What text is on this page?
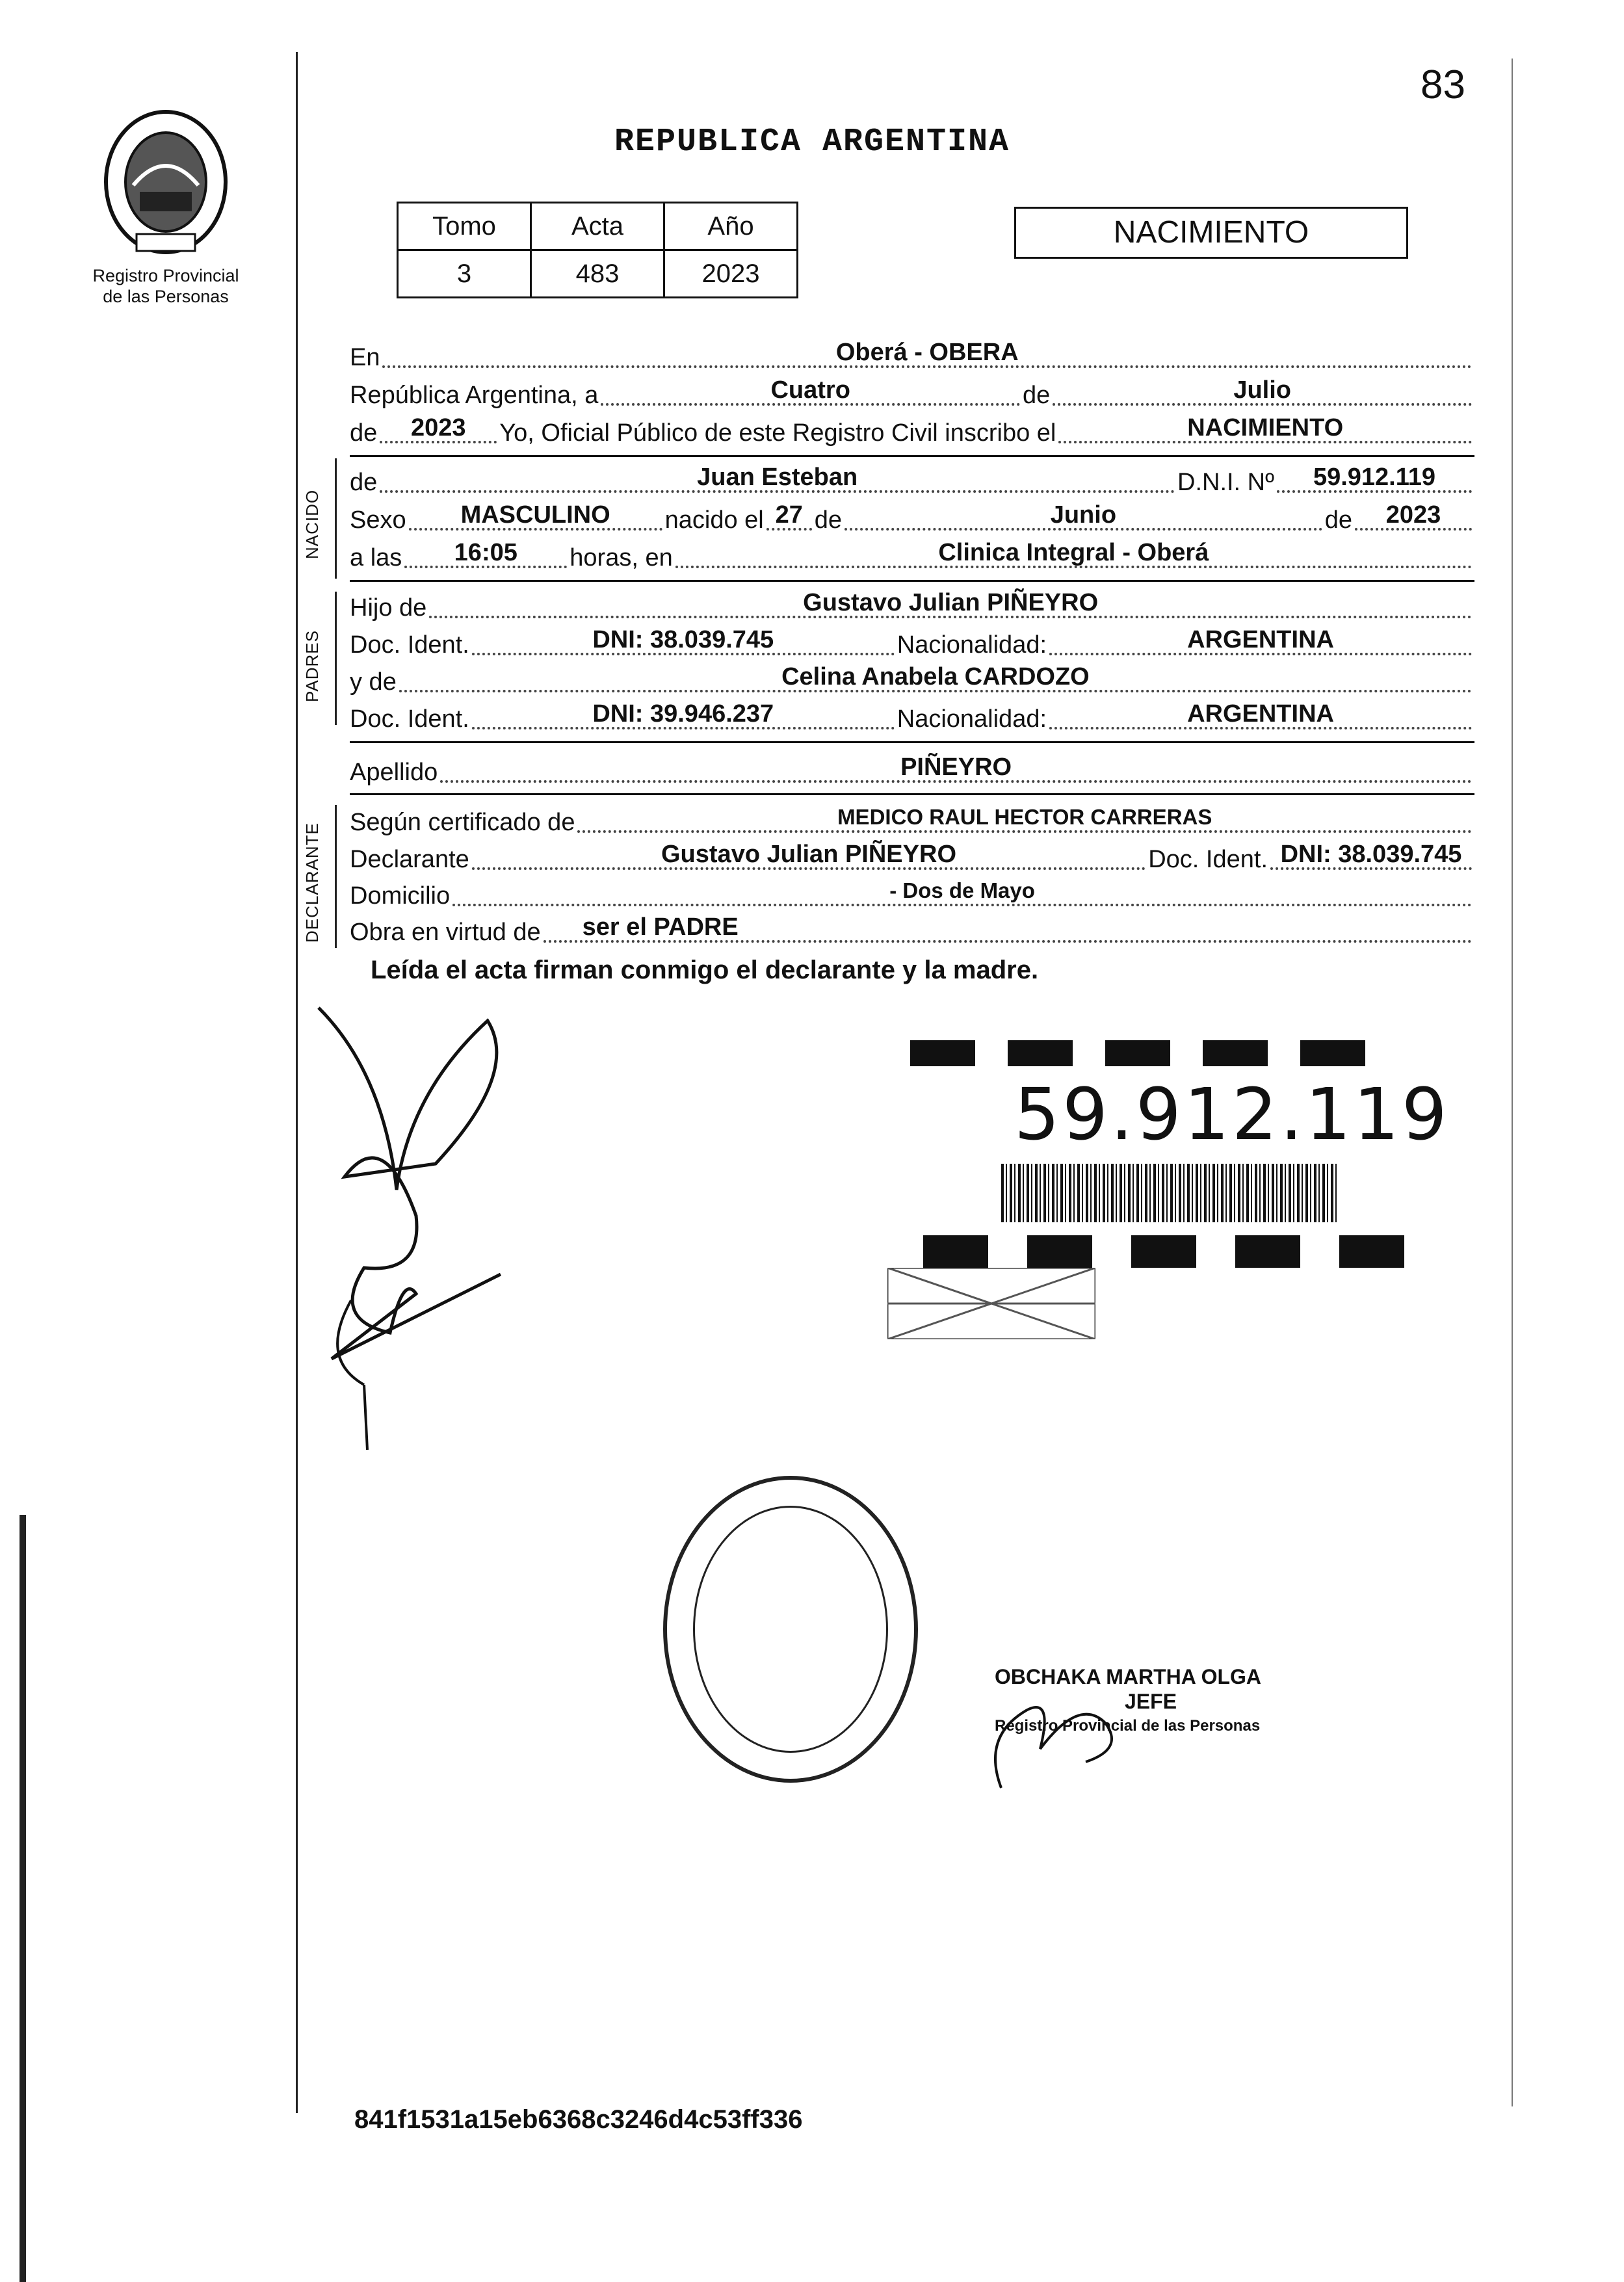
83
Registro Provincial
de las Personas
REPUBLICA ARGENTINA
Tomo	Acta	Año
3	483	2023
NACIMIENTO
En	Oberá - OBERA
República Argentina, a	Cuatro	de	Julio
de	2023	Yo, Oficial Público de este Registro Civil inscribo el	NACIMIENTO
NACIDO
de	Juan Esteban	D.N.I. Nº	59.912.119
Sexo	MASCULINO	nacido el 27 de	Junio	de	2023
a las	16:05	horas, en	Clinica Integral - Oberá
PADRES
Hijo de	Gustavo Julian PIÑEYRO
Doc. Ident.	DNI: 38.039.745	Nacionalidad:	ARGENTINA
y de	Celina Anabela CARDOZO
Doc. Ident.	DNI: 39.946.237	Nacionalidad:	ARGENTINA
Apellido	PIÑEYRO
DECLARANTE
Según certificado de	MEDICO RAUL HECTOR CARRERAS
Declarante	Gustavo Julian PIÑEYRO	Doc. Ident. DNI: 38.039.745
Domicilio	- Dos de Mayo
Obra en virtud de	ser el PADRE
Leída el acta firman conmigo el declarante y la madre.
59.912.119
OBCHAKA MARTHA OLGA
JEFE
Registro Provincial de las Personas
841f1531a15eb6368c3246d4c53ff336
